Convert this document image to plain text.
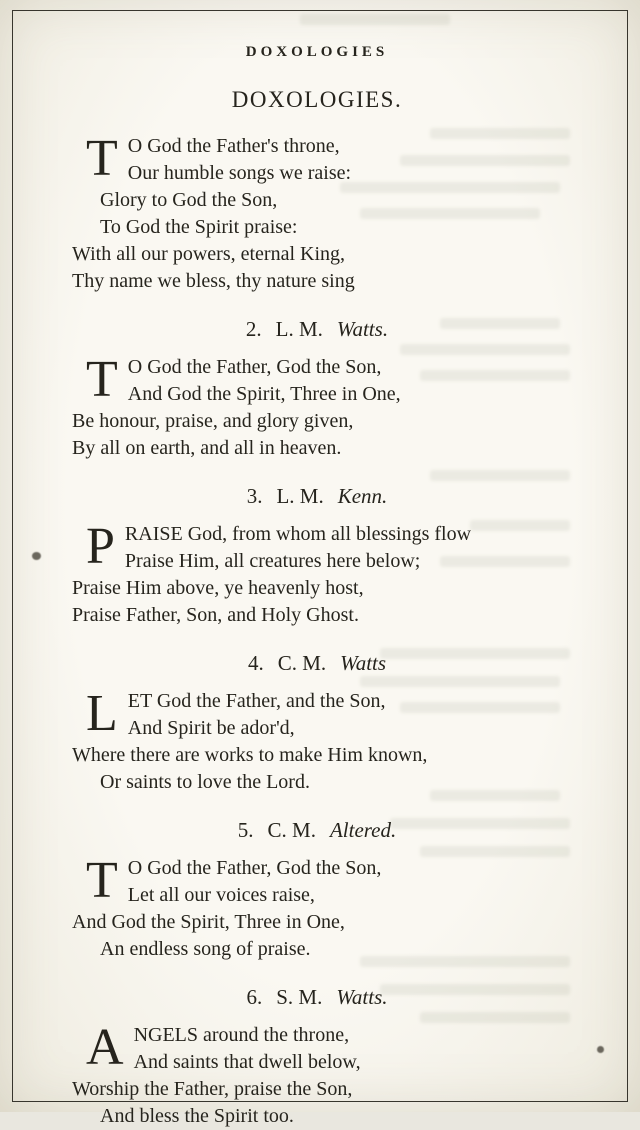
DOXOLOGIES
DOXOLOGIES.
T O God the Father's throne,
Our humble songs we raise:
Glory to God the Son,
To God the Spirit praise:
With all our powers, eternal King,
Thy name we bless, thy nature sing
2. L. M. Watts.
T O God the Father, God the Son,
And God the Spirit, Three in One,
Be honour, praise, and glory given,
By all on earth, and all in heaven.
3. L. M. Kenn.
P RAISE God, from whom all blessings flow
Praise Him, all creatures here below;
Praise Him above, ye heavenly host,
Praise Father, Son, and Holy Ghost.
4. C. M. Watts
L ET God the Father, and the Son,
And Spirit be ador'd,
Where there are works to make Him known,
Or saints to love the Lord.
5. C. M. Altered.
T O God the Father, God the Son,
Let all our voices raise,
And God the Spirit, Three in One,
An endless song of praise.
6. S. M. Watts.
A NGELS around the throne,
And saints that dwell below,
Worship the Father, praise the Son,
And bless the Spirit too.
